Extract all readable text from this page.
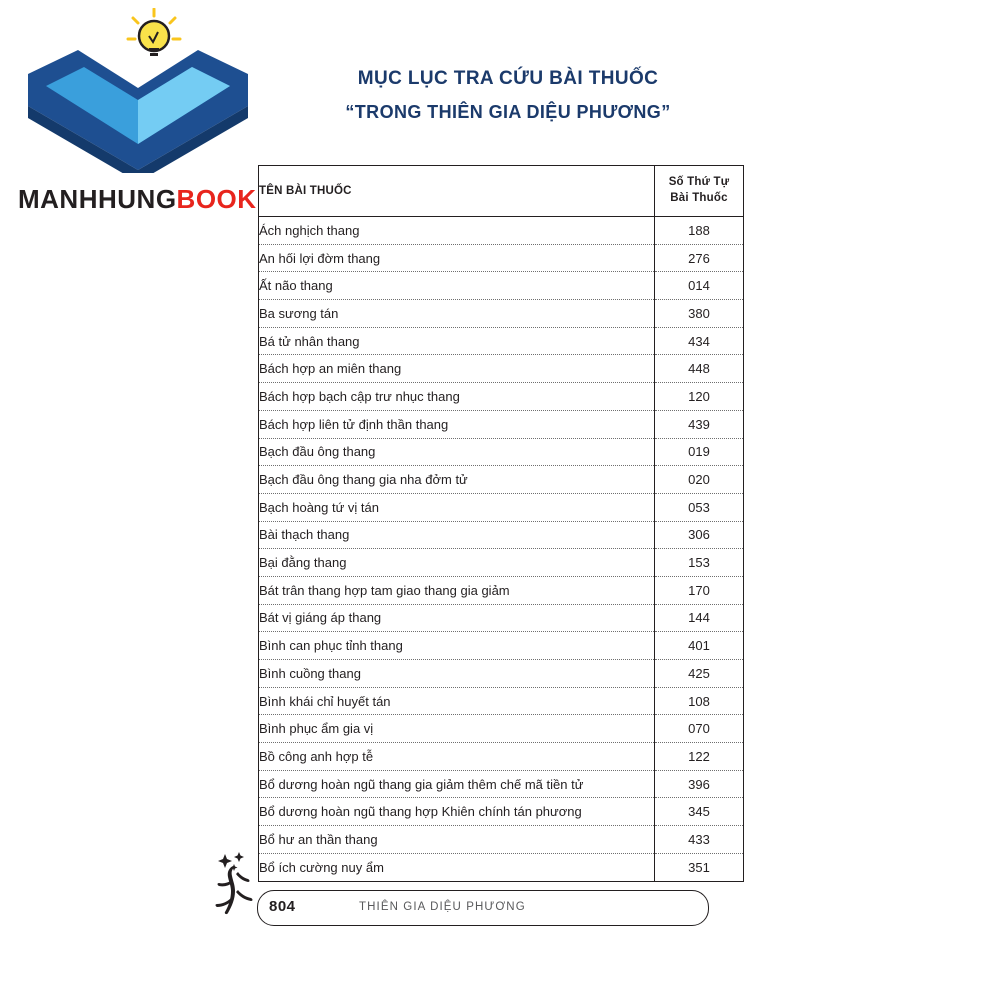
MANHHUNGBOOK
MỤC LỤC TRA CỨU BÀI THUỐC
“TRONG THIÊN GIA DIỆU PHƯƠNG”
TÊN BÀI THUỐC	Số Thứ Tự
Bài Thuốc

Ách nghịch thang	188
An hối lợi đờm thang	276
Ất não thang	014
Ba sương tán	380
Bá tử nhân thang	434
Bách hợp an miên thang	448
Bách hợp bạch cập trư nhục thang	120
Bách hợp liên tử định thần thang	439
Bạch đầu ông thang	019
Bạch đầu ông thang gia nha đởm tử	020
Bạch hoàng tứ vị tán	053
Bài thạch thang	306
Bại đằng thang	153
Bát trân thang hợp tam giao thang gia giảm	170
Bát vị giáng áp thang	144
Bình can phục tỉnh thang	401
Bình cuồng thang	425
Bình khái chỉ huyết tán	108
Bình phục ẩm gia vị	070
Bồ công anh hợp tễ	122
Bổ dương hoàn ngũ thang gia giảm thêm chế mã tiền tử	396
Bổ dương hoàn ngũ thang hợp Khiên chính tán phương	345
Bổ hư an thần thang	433
Bổ ích cường nuy ẩm	351
804	THIÊN GIA DIỆU PHƯƠNG
